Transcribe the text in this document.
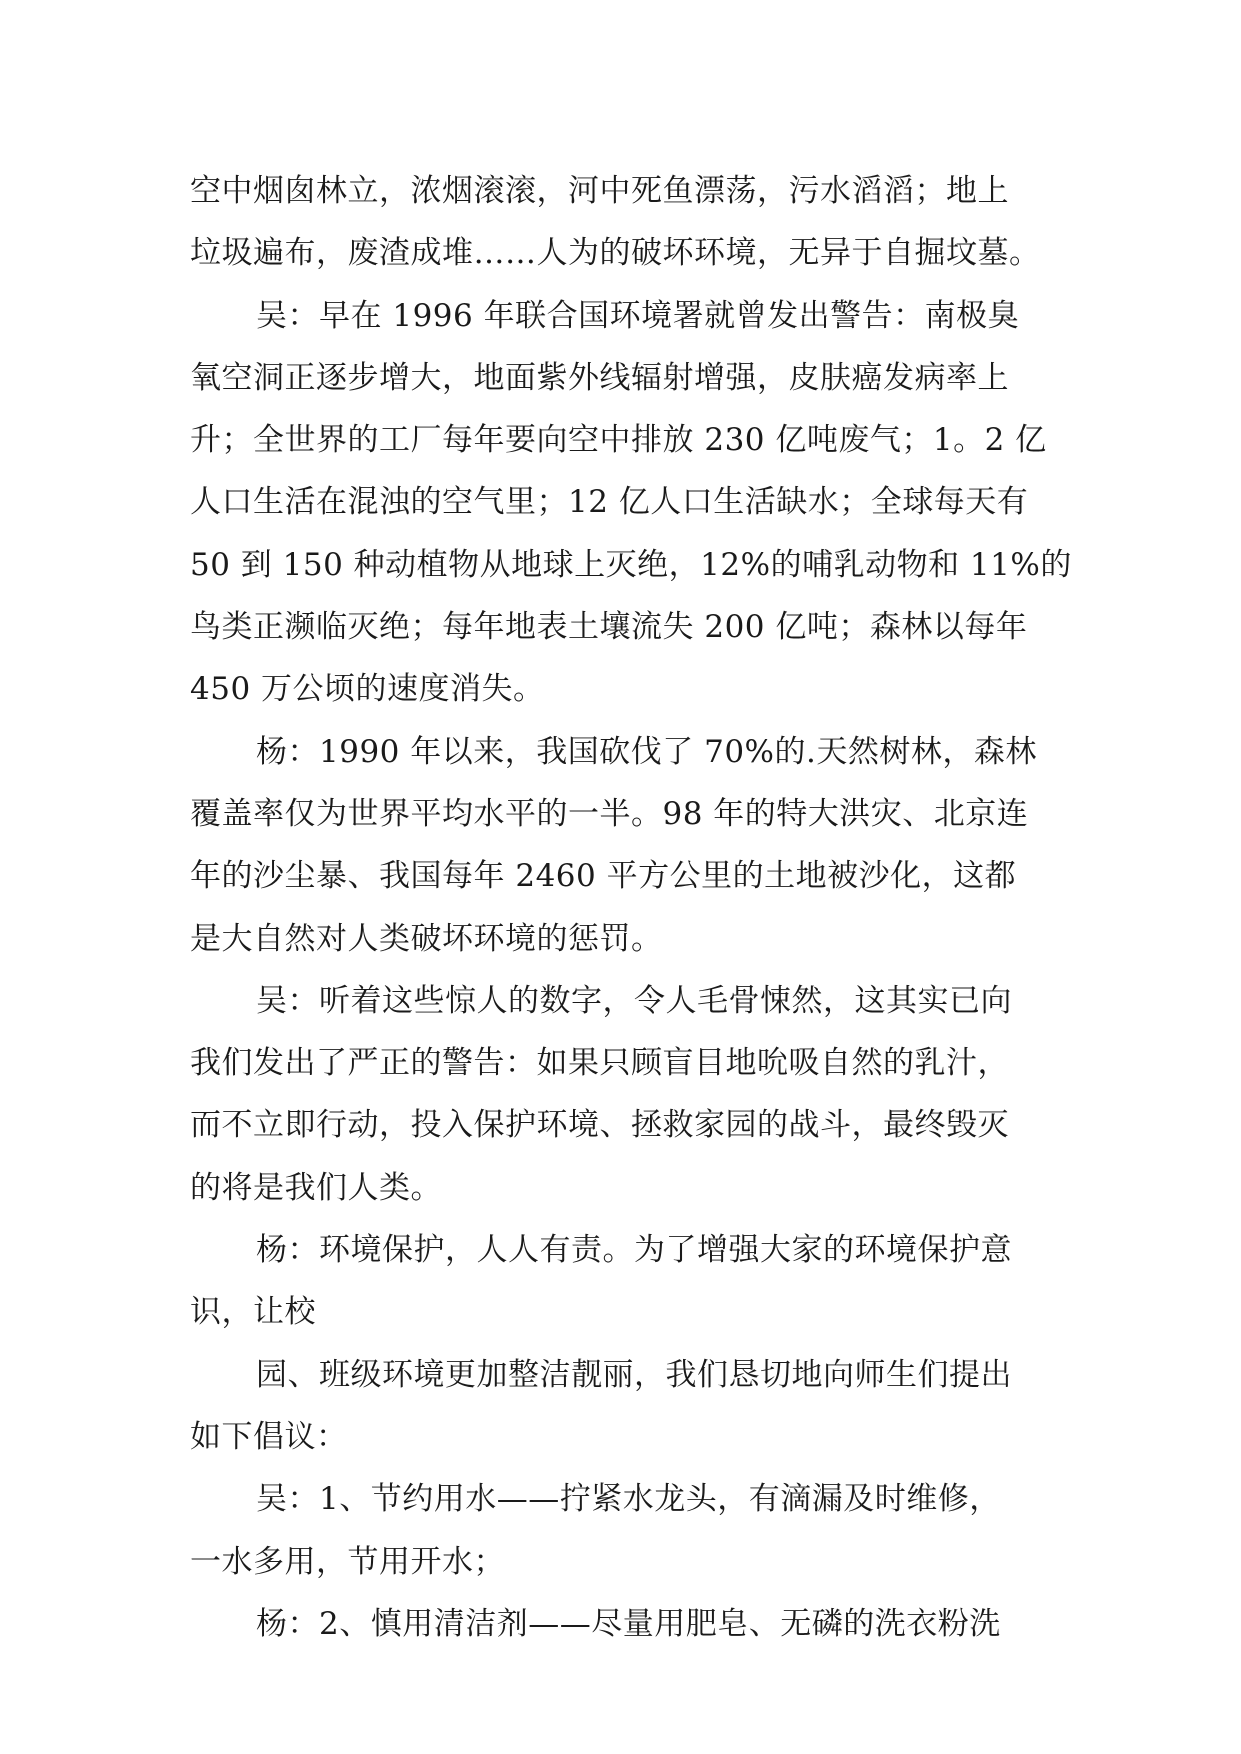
空中烟囱林立，浓烟滚滚，河中死鱼漂荡，污水滔滔；地上
垃圾遍布，废渣成堆……人为的破坏环境，无异于自掘坟墓。
吴：早在 1996 年联合国环境署就曾发出警告：南极臭
氧空洞正逐步增大，地面紫外线辐射增强，皮肤癌发病率上
升；全世界的工厂每年要向空中排放 230 亿吨废气；1。2 亿
人口生活在混浊的空气里；12 亿人口生活缺水；全球每天有
50 到 150 种动植物从地球上灭绝，12%的哺乳动物和 11%的
鸟类正濒临灭绝；每年地表土壤流失 200 亿吨；森林以每年
450 万公顷的速度消失。
杨：1990 年以来，我国砍伐了 70%的.天然树林，森林
覆盖率仅为世界平均水平的一半。98 年的特大洪灾、北京连
年的沙尘暴、我国每年 2460 平方公里的土地被沙化，这都
是大自然对人类破坏环境的惩罚。
吴：听着这些惊人的数字，令人毛骨悚然，这其实已向
我们发出了严正的警告：如果只顾盲目地吮吸自然的乳汁，
而不立即行动，投入保护环境、拯救家园的战斗，最终毁灭
的将是我们人类。
杨：环境保护，人人有责。为了增强大家的环境保护意
识，让校
园、班级环境更加整洁靓丽，我们恳切地向师生们提出
如下倡议：
吴：1、节约用水——拧紧水龙头，有滴漏及时维修，
一水多用，节用开水；
杨：2、慎用清洁剂——尽量用肥皂、无磷的洗衣粉洗
